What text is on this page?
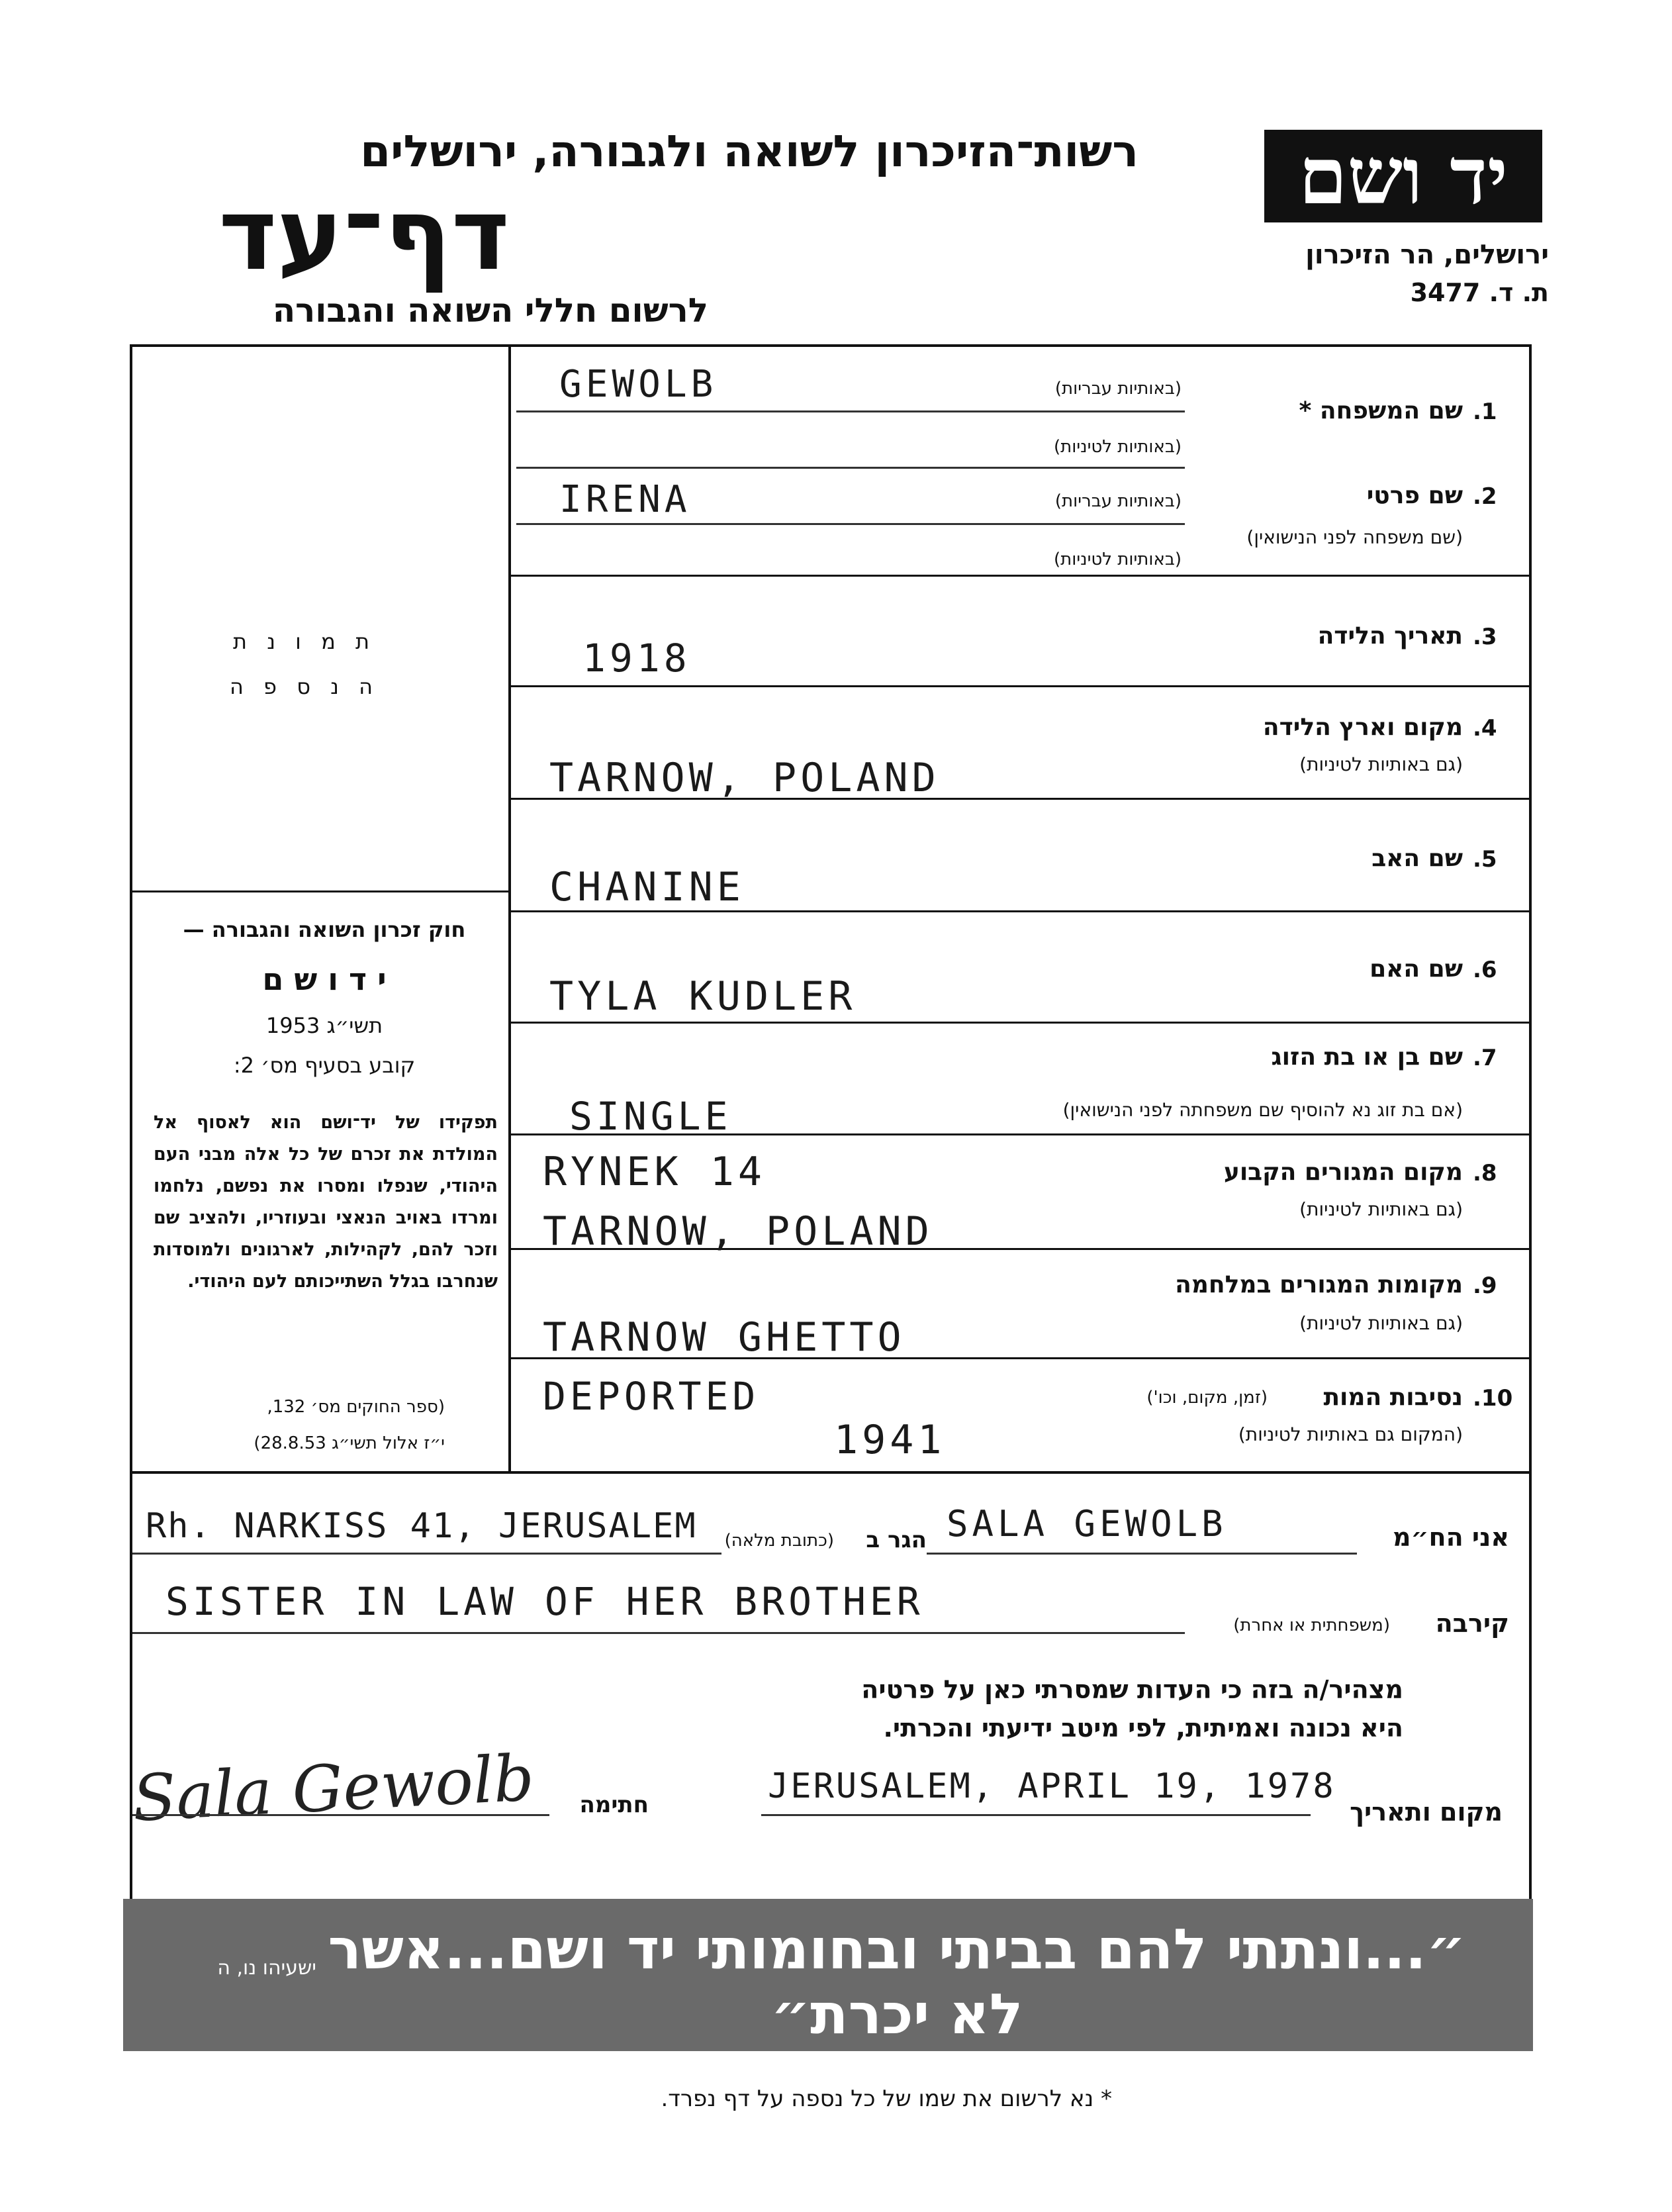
יד ושם
ירושלים, הר הזיכרון
ת. ד. 3477
רשות־הזיכרון לשואה ולגבורה, ירושלים
דף־עד
לרשום חללי השואה והגבורה
1.
שם המשפחה *
(באותיות עבריות)
(באותיות לטיניות)
GEWOLB
2.
שם פרטי
(שם משפחה לפני הנישואין)
(באותיות עבריות)
(באותיות לטיניות)
IRENA
3.
תאריך הלידה
1918
4.
מקום וארץ הלידה
(גם באותיות לטיניות)
TARNOW, POLAND
5.
שם האב
CHANINE
6.
שם האם
TYLA KUDLER
7.
שם בן או בת הזוג
(אם בת זוג נא להוסיף שם משפחתה לפני הנישואין)
SINGLE
8.
מקום המגורים הקבוע
(גם באותיות לטיניות)
RYNEK 14
TARNOW, POLAND
9.
מקומות המגורים במלחמה
(גם באותיות לטיניות)
TARNOW GHETTO
10.
נסיבות המות
(זמן, מקום, וכו')
(המקום גם באותיות לטיניות)
DEPORTED
1941
ת מ ו נ ת
ה נ ס פ ה
חוק זכרון השואה והגבורה —
י ד ו ש ם
תשי״ג 1953
קובע בסעיף מס׳ 2:
תפקידו של יד־ושם הוא לאסוף אל המולדת את זכרם של כל אלה מבני העם היהודי, שנפלו ומסרו את נפשם, נלחמו ומרדו באויב הנאצי ובעוזריו, ולהציב שם וזכר להם, לקהילות, לארגונים ולמוסדות שנחרבו בגלל השתייכותם לעם היהודי.
(ספר החוקים מס׳ 132,
י״ז אלול תשי״ג 28.8.53)
אני הח״מ
SALA GEWOLB
הגר ב
(כתובת מלאה)
Rh. NARKISS 41, JERUSALEM
קירבה
(משפחתית או אחרת)
SISTER IN LAW OF HER BROTHER
מצהיר/ה בזה כי העדות שמסרתי כאן על פרטיה
היא נכונה ואמיתית, לפי מיטב ידיעתי והכרתי.
מקום ותאריך
JERUSALEM, APRIL 19, 1978
חתימה
Sala Gewolb
״...ונתתי להם בביתי ובחומותי יד ושם...אשר לא יכרת״
ישעיהו נו, ה
* נא לרשום את שמו של כל נספה על דף נפרד.
